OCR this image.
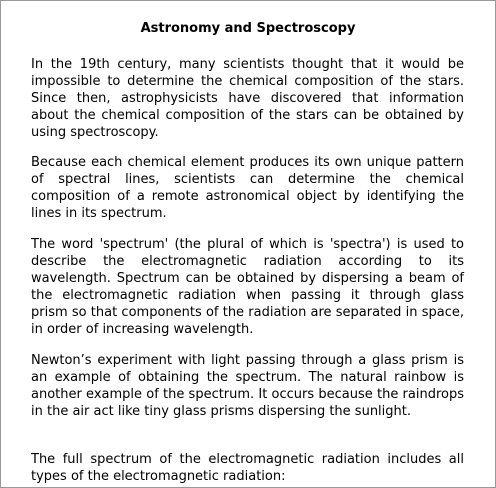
Astronomy and Spectroscopy

In the 19th century, many scientists thought that it would be impossible to determine the chemical composition of the stars. Since then, astrophysicists have discovered that information about the chemical composition of the stars can be obtained by using spectroscopy.

Because each chemical element produces its own unique pattern of spectral lines, scientists can determine the chemical composition of a remote astronomical object by identifying the lines in its spectrum.

The word 'spectrum' (the plural of which is 'spectra') is used to describe the electromagnetic radiation according to its wavelength. Spectrum can be obtained by dispersing a beam of the electromagnetic radiation when passing it through glass prism so that components of the radiation are separated in space, in order of increasing wavelength.

Newton’s experiment with light passing through a glass prism is an example of obtaining the spectrum. The natural rainbow is another example of the spectrum. It occurs because the raindrops in the air act like tiny glass prisms dispersing the sunlight.

The full spectrum of the electromagnetic radiation includes all types of the electromagnetic radiation:
